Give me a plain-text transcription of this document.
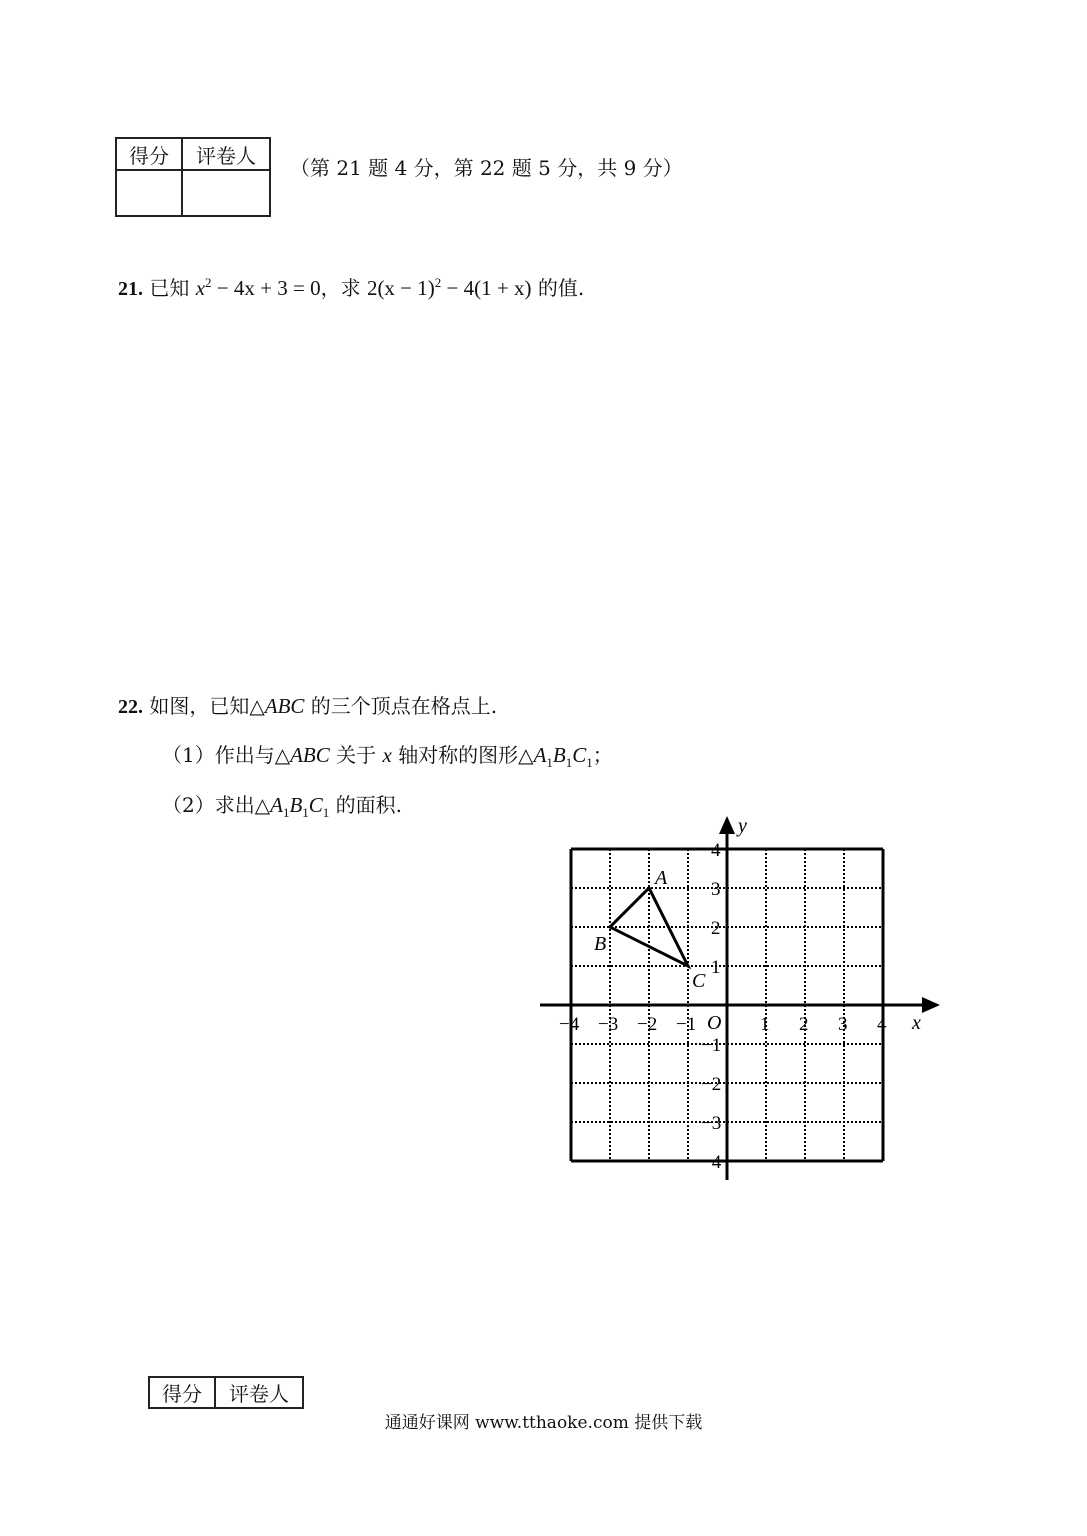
得分	评卷人

（第 21 题 4 分，第 22 题 5 分，共 9 分）
21. 已知 $x^2 - 4x + 3 = 0$，求 $2(x - 1)^2 - 4(1 + x)$ 的值.
22. 如图，已知△ABC 的三个顶点在格点上.
（1）作出与△ABC 关于 x 轴对称的图形$\triangle A_1B_1C_1$；
（2）求出$\triangle A_1B_1C_1$ 的面积.
x
y
O
−4 −3 −2 −1	1 2 3 4
4
3
2
1
−1
−2
−3
−4
A
B
C
得分	评卷人
通通好课网 www.tthaoke.com 提供下载
